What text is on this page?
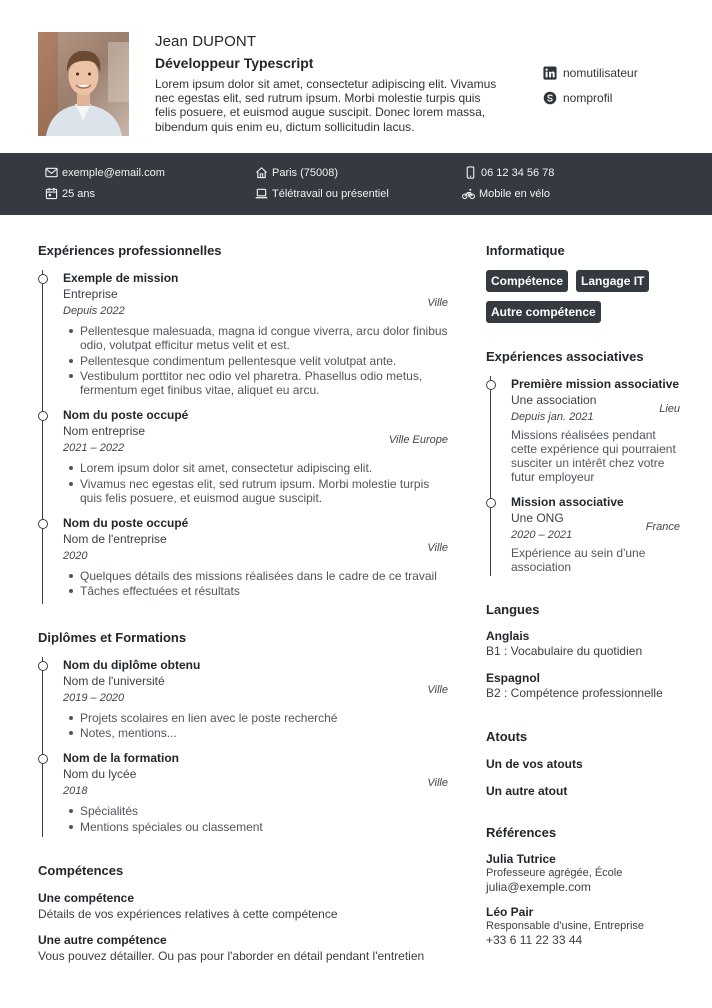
Jean DUPONT
Développeur Typescript
Lorem ipsum dolor sit amet, consectetur adipiscing elit. Vivamus nec egestas elit, sed rutrum ipsum. Morbi molestie turpis quis felis posuere, et euismod augue suscipit. Donec lorem massa, bibendum quis enim eu, dictum sollicitudin lacus.
nomutilisateur
nomprofil
exemple@email.com	Paris (75008)	06 12 34 56 78
25 ans	Télétravail ou présentiel	Mobile en vélo
Expériences professionnelles
Exemple de mission
Entreprise
Depuis 2022
Ville
Pellentesque malesuada, magna id congue viverra, arcu dolor finibus odio, volutpat efficitur metus velit et est.
Pellentesque condimentum pellentesque velit volutpat ante.
Vestibulum porttitor nec odio vel pharetra. Phasellus odio metus, fermentum eget finibus vitae, aliquet eu arcu.
Nom du poste occupé
Nom entreprise
2021 – 2022
Ville Europe
Lorem ipsum dolor sit amet, consectetur adipiscing elit.
Vivamus nec egestas elit, sed rutrum ipsum. Morbi molestie turpis quis felis posuere, et euismod augue suscipit.
Nom du poste occupé
Nom de l'entreprise
2020
Ville
Quelques détails des missions réalisées dans le cadre de ce travail
Tâches effectuées et résultats
Diplômes et Formations
Nom du diplôme obtenu
Nom de l'université
2019 – 2020
Ville
Projets scolaires en lien avec le poste recherché
Notes, mentions...
Nom de la formation
Nom du lycée
2018
Ville
Spécialités
Mentions spéciales ou classement
Compétences
Une compétence
Détails de vos expériences relatives à cette compétence
Une autre compétence
Vous pouvez détailler. Ou pas pour l'aborder en détail pendant l'entretien
Informatique
Compétence	Langage IT
Autre compétence
Expériences associatives
Première mission associative
Une association
Depuis jan. 2021
Lieu
Missions réalisées pendant cette expérience qui pourraient susciter un intérêt chez votre futur employeur
Mission associative
Une ONG
2020 – 2021
France
Expérience au sein d'une association
Langues
Anglais
B1 : Vocabulaire du quotidien
Espagnol
B2 : Compétence professionnelle
Atouts
Un de vos atouts
Un autre atout
Références
Julia Tutrice
Professeure agrégée, École
julia@exemple.com
Léo Pair
Responsable d'usine, Entreprise
+33 6 11 22 33 44
